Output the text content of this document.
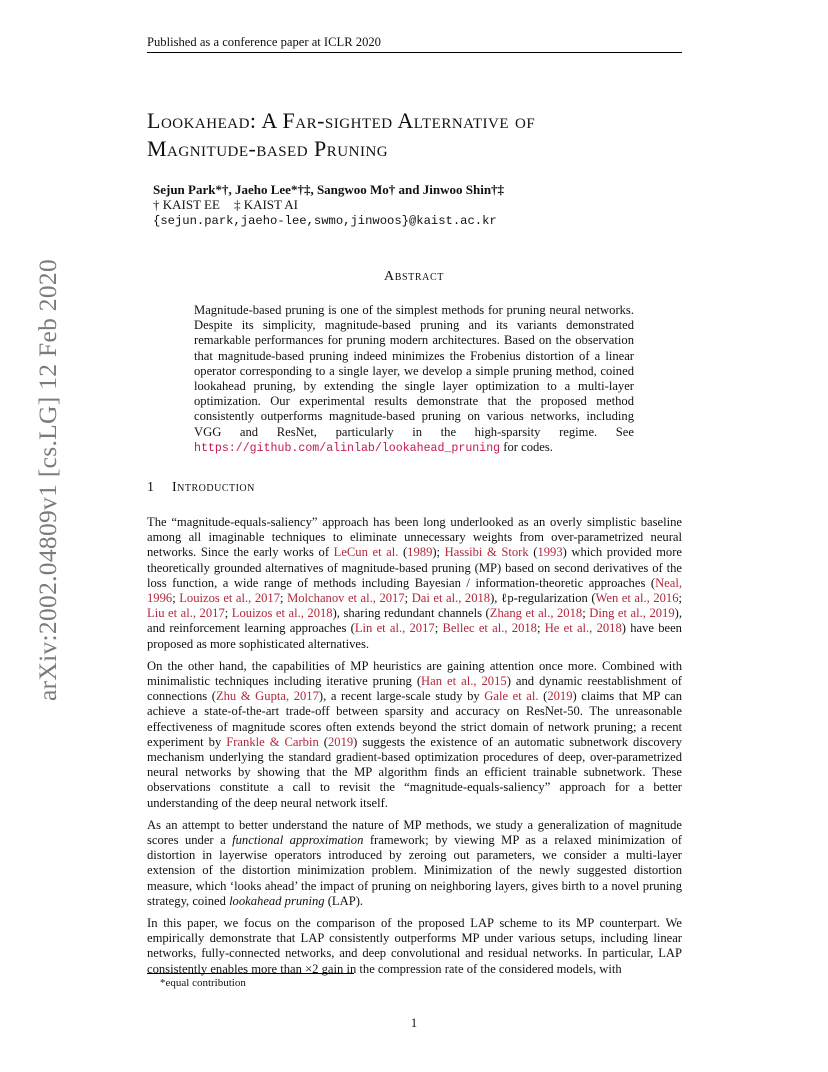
Published as a conference paper at ICLR 2020
arXiv:2002.04809v1 [cs.LG] 12 Feb 2020
Lookahead: A Far-sighted Alternative of
Magnitude-based Pruning
Sejun Park*†, Jaeho Lee*†‡, Sangwoo Mo† and Jinwoo Shin†‡
† KAIST EE ‡ KAIST AI
{sejun.park,jaeho-lee,swmo,jinwoos}@kaist.ac.kr
Abstract
Magnitude-based pruning is one of the simplest methods for pruning neural networks. Despite its simplicity, magnitude-based pruning and its variants demonstrated remarkable performances for pruning modern architectures. Based on the observation that magnitude-based pruning indeed minimizes the Frobenius distortion of a linear operator corresponding to a single layer, we develop a simple pruning method, coined lookahead pruning, by extending the single layer optimization to a multi-layer optimization. Our experimental results demonstrate that the proposed method consistently outperforms magnitude-based pruning on various networks, including VGG and ResNet, particularly in the high-sparsity regime. See https://github.com/alinlab/lookahead_pruning for codes.
1 Introduction

The “magnitude-equals-saliency” approach has been long underlooked as an overly simplistic baseline among all imaginable techniques to eliminate unnecessary weights from over-parametrized neural networks. Since the early works of LeCun et al. (1989); Hassibi & Stork (1993) which provided more theoretically grounded alternatives of magnitude-based pruning (MP) based on second derivatives of the loss function, a wide range of methods including Bayesian / information-theoretic approaches (Neal, 1996; Louizos et al., 2017; Molchanov et al., 2017; Dai et al., 2018), ℓp-regularization (Wen et al., 2016; Liu et al., 2017; Louizos et al., 2018), sharing redundant channels (Zhang et al., 2018; Ding et al., 2019), and reinforcement learning approaches (Lin et al., 2017; Bellec et al., 2018; He et al., 2018) have been proposed as more sophisticated alternatives.

On the other hand, the capabilities of MP heuristics are gaining attention once more. Combined with minimalistic techniques including iterative pruning (Han et al., 2015) and dynamic reestablishment of connections (Zhu & Gupta, 2017), a recent large-scale study by Gale et al. (2019) claims that MP can achieve a state-of-the-art trade-off between sparsity and accuracy on ResNet-50. The unreasonable effectiveness of magnitude scores often extends beyond the strict domain of network pruning; a recent experiment by Frankle & Carbin (2019) suggests the existence of an automatic subnetwork discovery mechanism underlying the standard gradient-based optimization procedures of deep, over-parametrized neural networks by showing that the MP algorithm finds an efficient trainable subnetwork. These observations constitute a call to revisit the “magnitude-equals-saliency” approach for a better understanding of the deep neural network itself.

As an attempt to better understand the nature of MP methods, we study a generalization of magnitude scores under a functional approximation framework; by viewing MP as a relaxed minimization of distortion in layerwise operators introduced by zeroing out parameters, we consider a multi-layer extension of the distortion minimization problem. Minimization of the newly suggested distortion measure, which ‘looks ahead’ the impact of pruning on neighboring layers, gives birth to a novel pruning strategy, coined lookahead pruning (LAP).

In this paper, we focus on the comparison of the proposed LAP scheme to its MP counterpart. We empirically demonstrate that LAP consistently outperforms MP under various setups, including linear networks, fully-connected networks, and deep convolutional and residual networks. In particular, LAP consistently enables more than ×2 gain in the compression rate of the considered models, with

*equal contribution
1
